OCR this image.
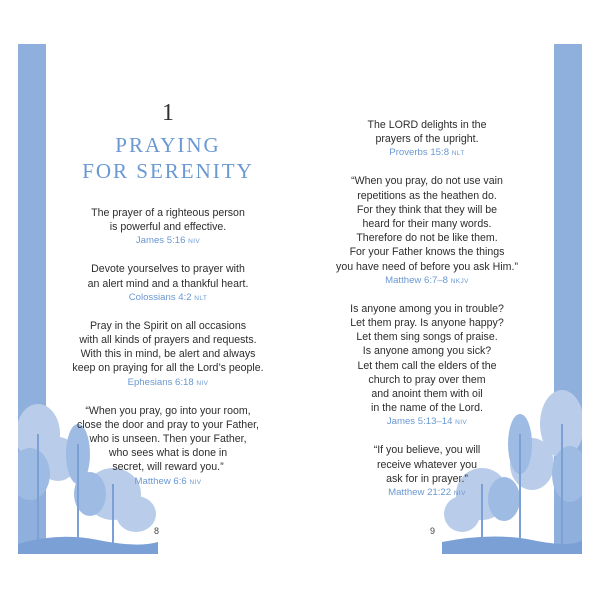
1
PRAYING
FOR SERENITY

The prayer of a righteous person

is powerful and effective.

James 5:16 NIV

Devote yourselves to prayer with

an alert mind and a thankful heart.

Colossians 4:2 NLT

Pray in the Spirit on all occasions

with all kinds of prayers and requests.

With this in mind, be alert and always

keep on praying for all the Lord’s people.

Ephesians 6:18 NIV

“When you pray, go into your room,

close the door and pray to your Father,

who is unseen. Then your Father,

who sees what is done in

secret, will reward you.”

Matthew 6:6 NIV
8

The LORD delights in the

prayers of the upright.

Proverbs 15:8 NLT

“When you pray, do not use vain

repetitions as the heathen do.

For they think that they will be

heard for their many words.

Therefore do not be like them.

For your Father knows the things

you have need of before you ask Him.”

Matthew 6:7–8 NKJV

Is anyone among you in trouble?

Let them pray. Is anyone happy?

Let them sing songs of praise.

Is anyone among you sick?

Let them call the elders of the

church to pray over them

and anoint them with oil

in the name of the Lord.

James 5:13–14 NIV

“If you believe, you will

receive whatever you

ask for in prayer.”

Matthew 21:22 NIV
9
